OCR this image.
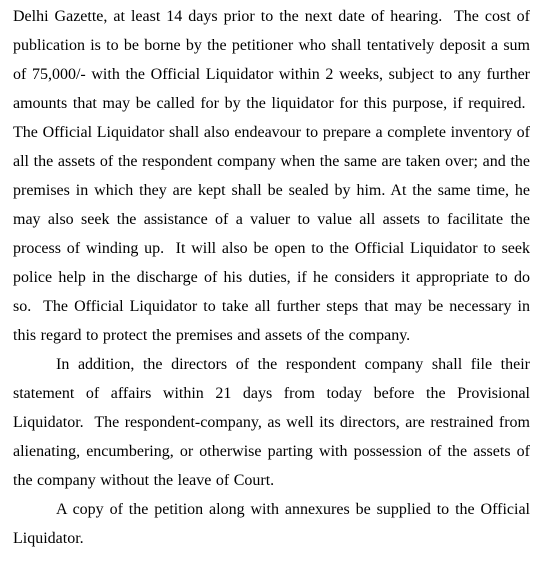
Delhi Gazette, at least 14 days prior to the next date of hearing. The cost of publication is to be borne by the petitioner who shall tentatively deposit a sum of 75,000/- with the Official Liquidator within 2 weeks, subject to any further amounts that may be called for by the liquidator for this purpose, if required.  The Official Liquidator shall also endeavour to prepare a complete inventory of all the assets of the respondent company when the same are taken over; and the premises in which they are kept shall be sealed by him. At the same time, he may also seek the assistance of a valuer to value all assets to facilitate the process of winding up. It will also be open to the Official Liquidator to seek police help in the discharge of his duties, if he considers it appropriate to do so. The Official Liquidator to take all further steps that may be necessary in this regard to protect the premises and assets of the company.

In addition, the directors of the respondent company shall file their statement of affairs within 21 days from today before the Provisional Liquidator. The respondent-company, as well its directors, are restrained from alienating, encumbering, or otherwise parting with possession of the assets of the company without the leave of Court.

A copy of the petition along with annexures be supplied to the Official Liquidator.
